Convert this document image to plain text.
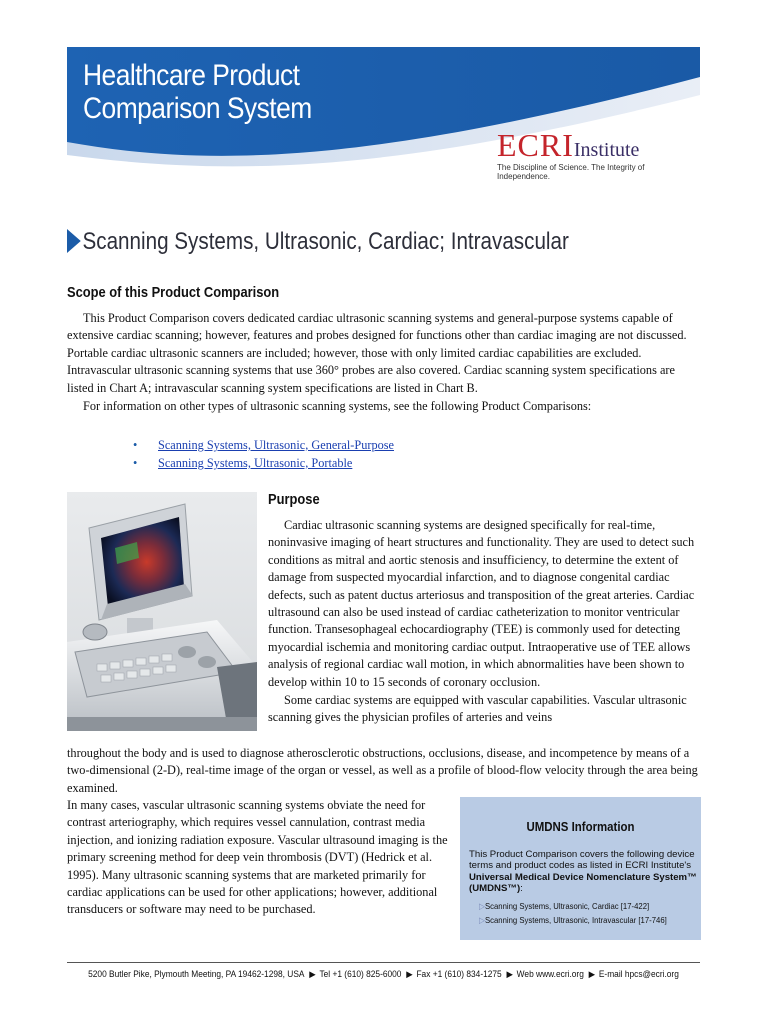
Healthcare Product
Comparison System
ECRIInstitute
The Discipline of Science. The Integrity of Independence.
Scanning Systems, Ultrasonic, Cardiac; Intravascular
Scope of this Product Comparison

This Product Comparison covers dedicated cardiac ultrasonic scanning systems and general-purpose systems capable of extensive cardiac scanning; however, features and probes designed for functions other than cardiac imaging are not discussed. Portable cardiac ultrasonic scanners are included; however, those with only limited cardiac capabilities are excluded. Intravascular ultrasonic scanning systems that use 360° probes are also covered. Cardiac scanning system specifications are listed in Chart A; intravascular scanning system specifications are listed in Chart B.

For information on other types of ultrasonic scanning systems, see the following Product Comparisons:

• Scanning Systems, Ultrasonic, General-Purpose
• Scanning Systems, Ultrasonic, Portable
Purpose

Cardiac ultrasonic scanning systems are designed specifically for real-time, noninvasive imaging of heart structures and functionality. They are used to detect such conditions as mitral and aortic stenosis and insufficiency, to determine the extent of damage from suspected myocardial infarction, and to diagnose congenital cardiac defects, such as patent ductus arteriosus and transposition of the great arteries. Cardiac ultrasound can also be used instead of cardiac catheterization to monitor ventricular function. Transesophageal echocardiography (TEE) is commonly used for detecting myocardial ischemia and monitoring cardiac output. Intraoperative use of TEE allows analysis of regional cardiac wall motion, in which abnormalities have been shown to develop within 10 to 15 seconds of coronary occlusion.

Some cardiac systems are equipped with vascular capabilities. Vascular ultrasonic scanning gives the physician profiles of arteries and veins

throughout the body and is used to diagnose atherosclerotic obstructions, occlusions, disease, and incompetence by means of a two-dimensional (2-D), real-time image of the organ or vessel, as well as a profile of blood-flow velocity through the area being examined.

In many cases, vascular ultrasonic scanning systems obviate the need for contrast arteriography, which requires vessel cannulation, contrast media injection, and ionizing radiation exposure. Vascular ultrasound imaging is the primary screening method for deep vein thrombosis (DVT) (Hedrick et al. 1995). Many ultrasonic scanning systems that are marketed primarily for cardiac applications can be used for other applications; however, additional transducers or software may need to be purchased.

UMDNS Information
This Product Comparison covers the following device terms and product codes as listed in ECRI Institute's Universal Medical Device Nomenclature System™ (UMDNS™):
▷Scanning Systems, Ultrasonic, Cardiac [17-422]
▷Scanning Systems, Ultrasonic, Intravascular [17-746]
5200 Butler Pike, Plymouth Meeting, PA 19462-1298, USA ▶ Tel +1 (610) 825-6000 ▶ Fax +1 (610) 834-1275 ▶ Web www.ecri.org ▶ E-mail hpcs@ecri.org
